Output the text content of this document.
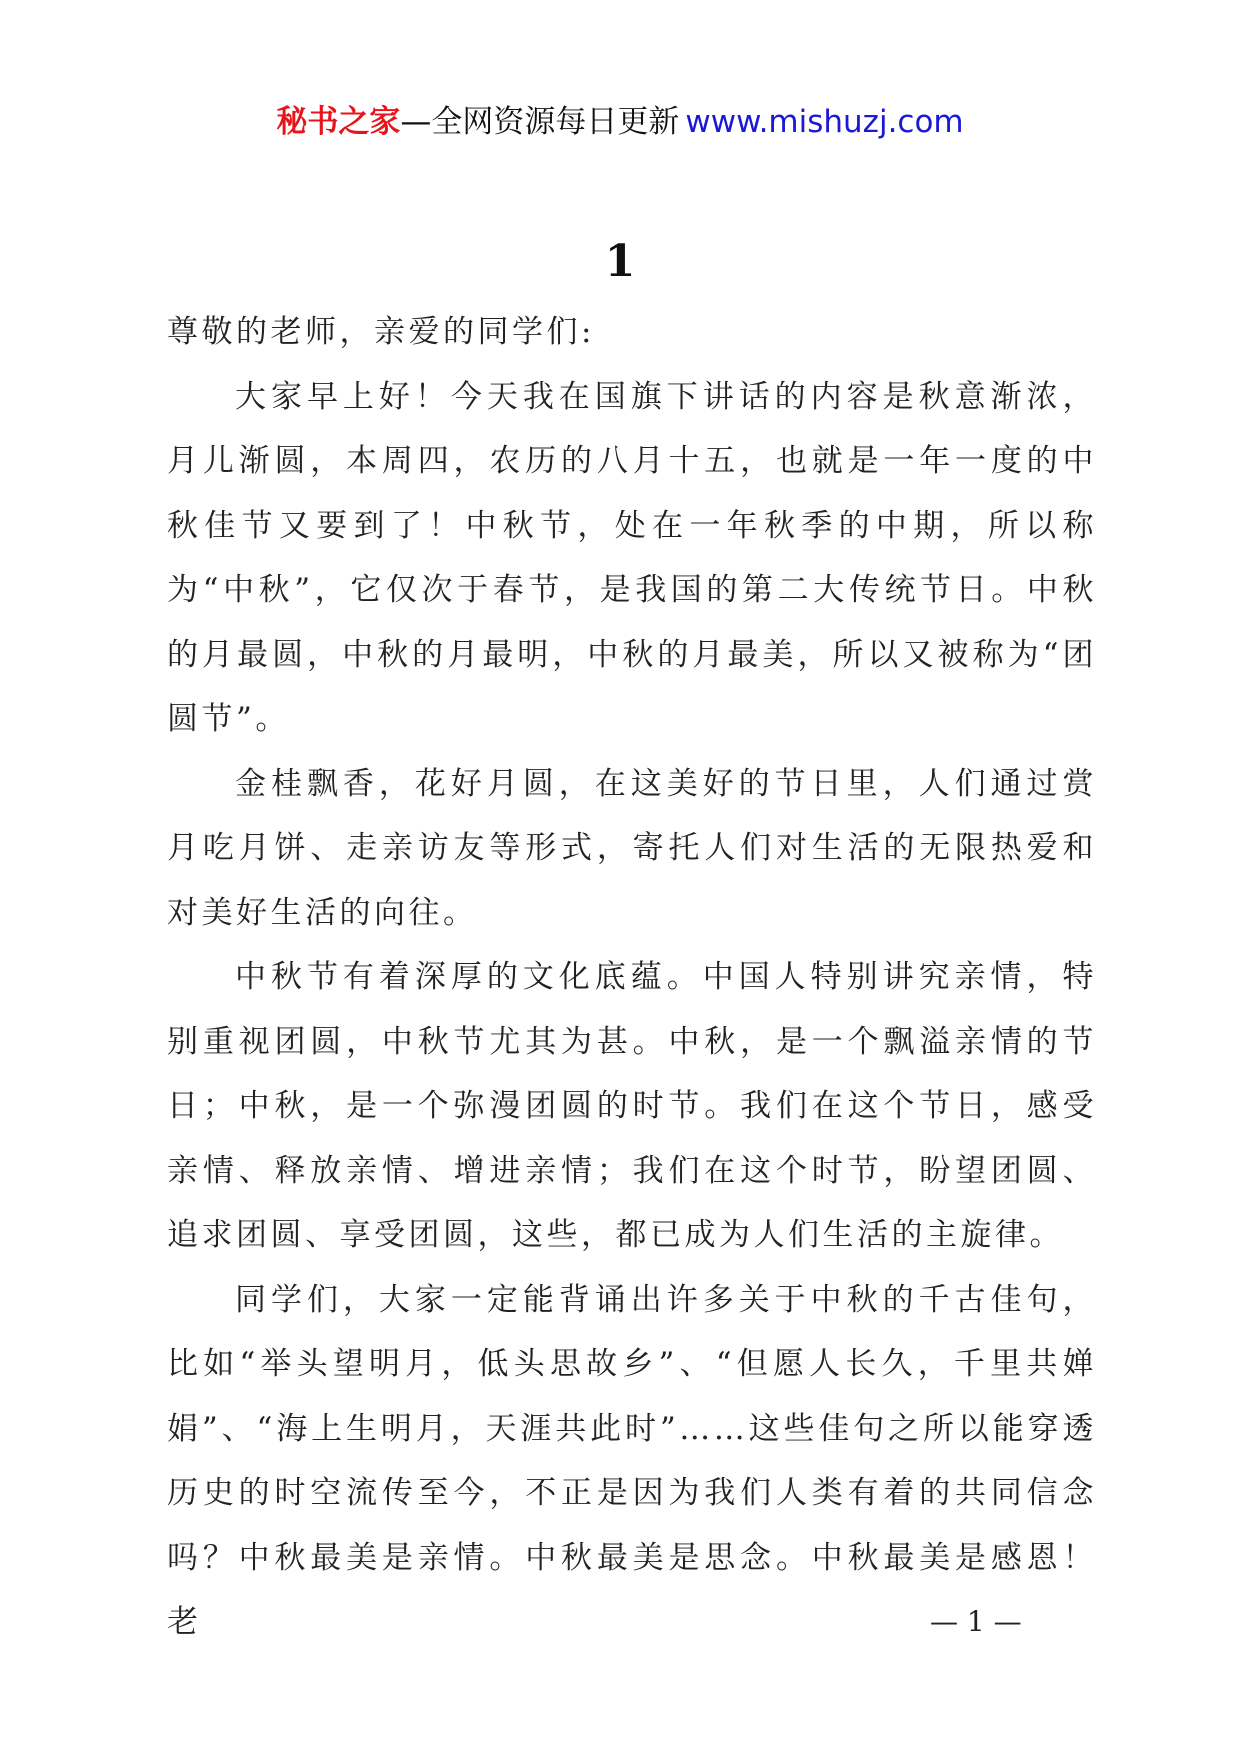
秘书之家—全网资源每日更新 www.mishuzj.com
1

尊敬的老师，亲爱的同学们:

大家早上好！今天我在国旗下讲话的内容是秋意渐浓，月儿渐圆，本周四，农历的八月十五，也就是一年一度的中秋佳节又要到了！中秋节，处在一年秋季的中期，所以称为“中秋”，它仅次于春节，是我国的第二大传统节日。中秋的月最圆，中秋的月最明，中秋的月最美，所以又被称为“团圆节”。

金桂飘香，花好月圆，在这美好的节日里，人们通过赏月吃月饼、走亲访友等形式，寄托人们对生活的无限热爱和对美好生活的向往。

中秋节有着深厚的文化底蕴。中国人特别讲究亲情，特别重视团圆，中秋节尤其为甚。中秋，是一个飘溢亲情的节日；中秋，是一个弥漫团圆的时节。我们在这个节日，感受亲情、释放亲情、增进亲情；我们在这个时节，盼望团圆、追求团圆、享受团圆，这些，都已成为人们生活的主旋律。

同学们，大家一定能背诵出许多关于中秋的千古佳句，比如“举头望明月，低头思故乡”、“但愿人长久，千里共婵娟”、“海上生明月，天涯共此时”……这些佳句之所以能穿透历史的时空流传至今，不正是因为我们人类有着的共同信念吗？中秋最美是亲情。中秋最美是思念。中秋最美是感恩！老	— 1 —
